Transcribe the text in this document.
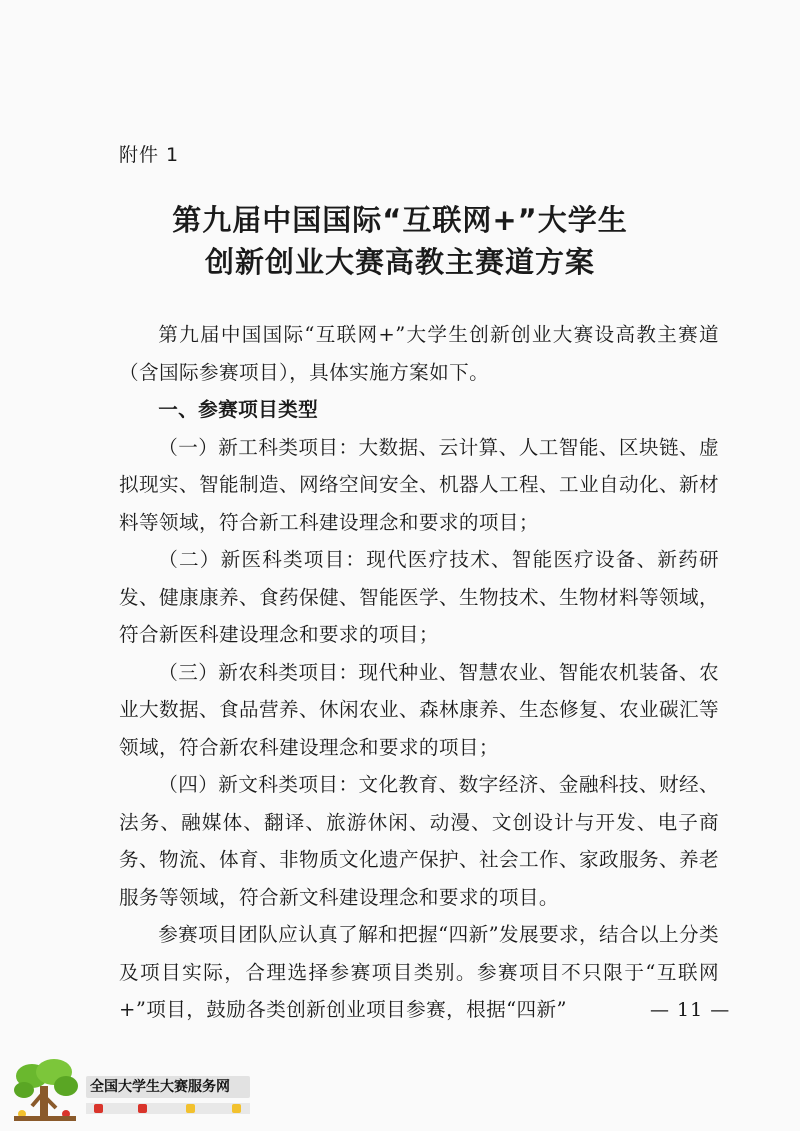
附件 1
第九届中国国际“互联网+”大学生
创新创业大赛高教主赛道方案

第九届中国国际“互联网+”大学生创新创业大赛设高教主赛道（含国际参赛项目），具体实施方案如下。

一、参赛项目类型

（一）新工科类项目：大数据、云计算、人工智能、区块链、虚拟现实、智能制造、网络空间安全、机器人工程、工业自动化、新材料等领域，符合新工科建设理念和要求的项目；

（二）新医科类项目：现代医疗技术、智能医疗设备、新药研发、健康康养、食药保健、智能医学、生物技术、生物材料等领域，符合新医科建设理念和要求的项目；

（三）新农科类项目：现代种业、智慧农业、智能农机装备、农业大数据、食品营养、休闲农业、森林康养、生态修复、农业碳汇等领域，符合新农科建设理念和要求的项目；

（四）新文科类项目：文化教育、数字经济、金融科技、财经、法务、融媒体、翻译、旅游休闲、动漫、文创设计与开发、电子商务、物流、体育、非物质文化遗产保护、社会工作、家政服务、养老服务等领域，符合新文科建设理念和要求的项目。

参赛项目团队应认真了解和把握“四新”发展要求，结合以上分类及项目实际，合理选择参赛项目类别。参赛项目不只限于“互联网+”项目，鼓励各类创新创业项目参赛，根据“四新”	— 11 —
全国大学生大赛服务网
